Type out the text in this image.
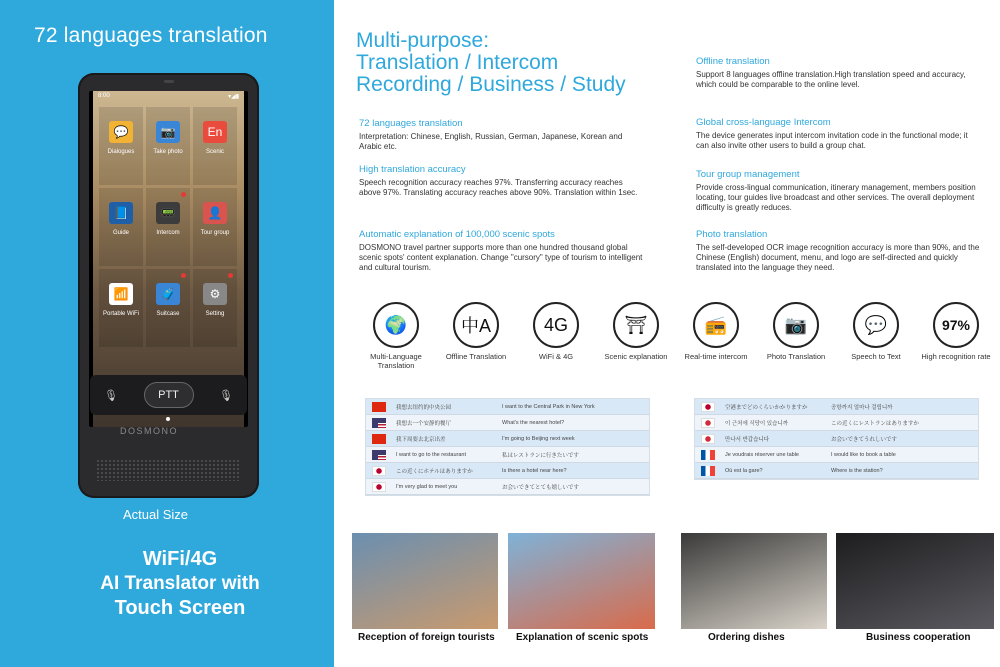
72 languages translation
8:00	▾◢▮
💬
Dialogues
📷
Take photo
En
Scenic
📘
Guide
📟
Intercom
👤
Tour group
📶
Portable WiFi
🧳
Suitcase
⚙
Setting
🎙	PTT	🎙
DOSMONO
Actual Size
WiFi/4G
AI Translator with
Touch Screen
Multi-purpose:
Translation / Intercom
Recording / Business / Study
72 languages translation

Interpretation: Chinese, English, Russian, German, Japanese, Korean and Arabic etc.

High translation accuracy

Speech recognition accuracy reaches 97%. Transferring accuracy reaches above 97%. Translating accuracy reaches above 90%. Translation within 1sec.

Automatic explanation of 100,000 scenic spots

DOSMONO travel partner supports more than one hundred thousand global scenic spots' content explanation. Change "cursory" type of tourism to intelligent and cultural tourism.

Offline translation

Support 8 languages offline translation.High translation speed and accuracy, which could be comparable to the online level.

Global cross-language Intercom

The device generates input intercom invitation code in the functional mode; it can also invite other users to build a group chat.

Tour group management

Provide cross-lingual communication, itinerary management, members position locating, tour guides live broadcast and other services. The overall deployment difficulty is greatly reduces.

Photo translation

The self-developed OCR image recognition accuracy is more than 90%, and the Chinese (English) document, menu, and logo are self-directed and quickly translated into the language they need.

🌍
Multi-Language Translation
中A
Offline Translation
4G
WiFi & 4G
⛩
Scenic explanation
📻
Real-time intercom
📷
Photo Translation
💬
Speech to Text
97%
High recognition rate
我想去纽约的中央公园	I want to the Central Park in New York
我想去一个安静的餐厅	What's the nearest hotel?
我下周要去北京出差	I'm going to Beijing next week
I want to go to the restaurant	私はレストランに行きたいです
この近くにホテルはありますか	Is there a hotel near here?
I'm very glad to meet you	お会いできてとても嬉しいです
空港までどのくらいかかりますか	공항까지 얼마나 걸립니까
이 근처에 식당이 있습니까	この近くにレストランはありますか
만나서 반갑습니다	お会いできてうれしいです
Je voudrais réserver une table	I would like to book a table
Où est la gare?	Where is the station?
Reception of foreign tourists Explanation of scenic spots	Ordering dishes	Business cooperation
